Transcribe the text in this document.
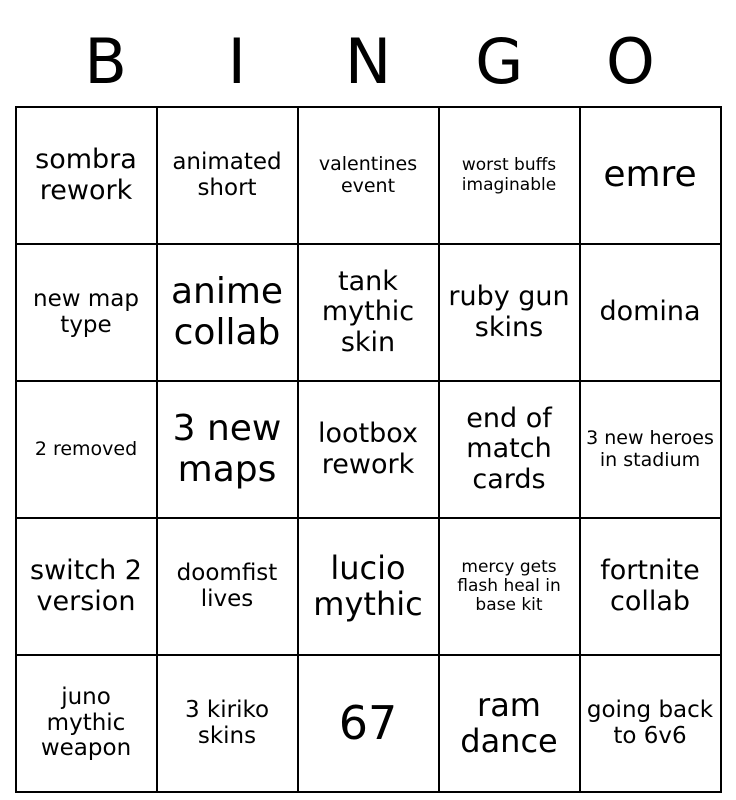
B	I	N	G	O
sombra rework	animated short	valentines event	worst buffs imaginable	emre

new map type	anime collab	tank mythic skin	ruby gun skins	domina

2 removed	3 new maps	lootbox rework	end of match cards	3 new heroes in stadium

switch 2 version	doomfist lives	lucio mythic	mercy gets flash heal in base kit	fortnite collab

juno mythic weapon	3 kiriko skins	67	ram dance	going back to 6v6
